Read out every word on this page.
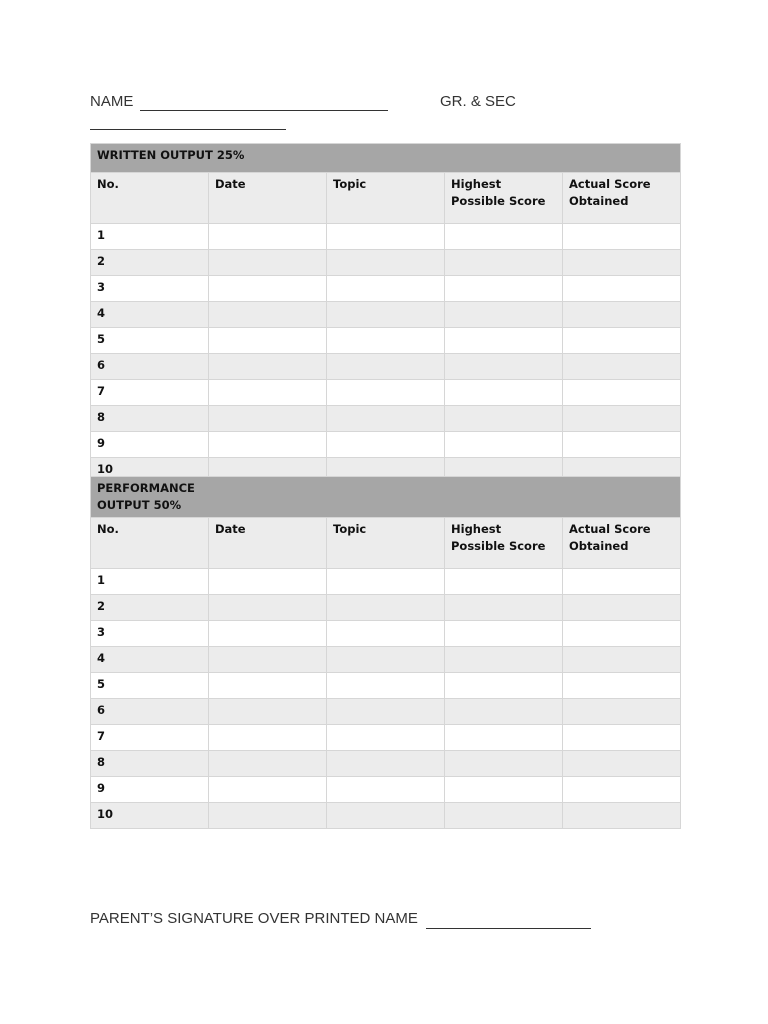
NAME	GR. & SEC
WRITTEN OUTPUT 25%				
No.	Date	Topic	Highest Possible Score	Actual Score Obtained
1				
2				
3				
4				
5				
6				
7				
8				
9				
10				
PERFORMANCE
OUTPUT 50%				
No.	Date	Topic	Highest Possible Score	Actual Score Obtained
1				
2				
3				
4				
5				
6				
7				
8				
9				
10				
PARENT’S SIGNATURE OVER PRINTED NAME
